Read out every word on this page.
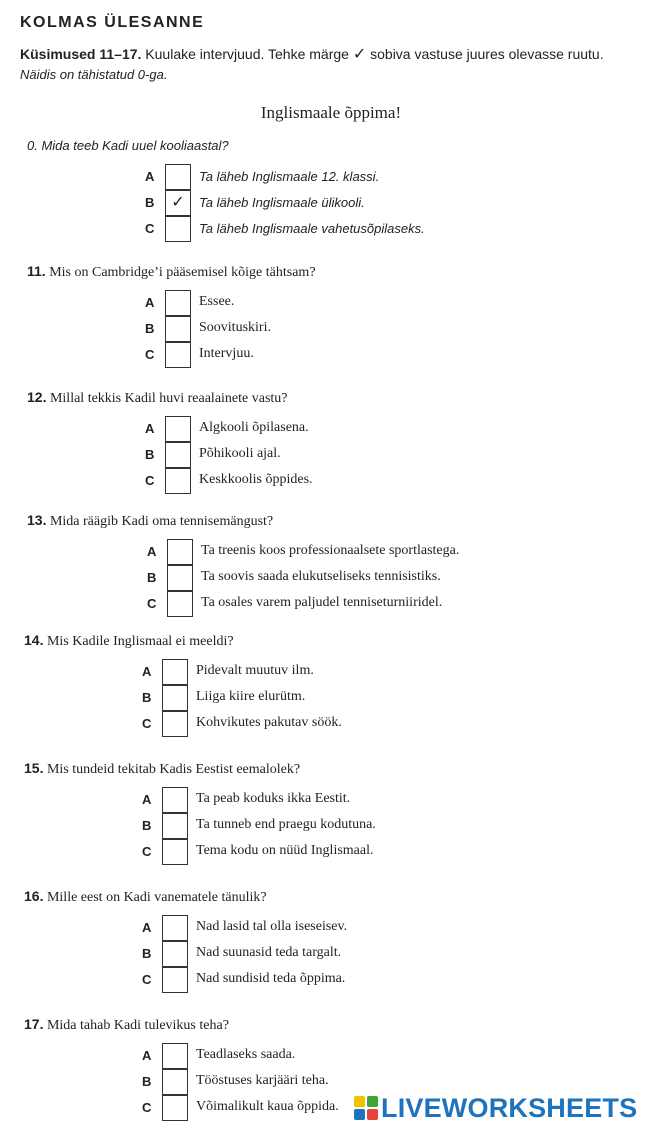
KOLMAS ÜLESANNE
Küsimused 11–17. Kuulake intervjuud. Tehke märge ✓ sobiva vastuse juures olevasse ruutu.
Näidis on tähistatud 0-ga.
Inglismaale õppima!
0. Mida teeb Kadi uuel kooliaastal?
A	Ta läheb Inglismaale 12. klassi.
B	✓	Ta läheb Inglismaale ülikooli.
C	Ta läheb Inglismaale vahetusõpilaseks.
11. Mis on Cambridge’i pääsemisel kõige tähtsam?
A	Essee.
B	Soovituskiri.
C	Intervjuu.
12. Millal tekkis Kadil huvi reaalainete vastu?
A	Algkooli õpilasena.
B	Põhikooli ajal.
C	Keskkoolis õppides.
13. Mida räägib Kadi oma tennisemängust?
A	Ta treenis koos professionaalsete sportlastega.
B	Ta soovis saada elukutseliseks tennisistiks.
C	Ta osales varem paljudel tenniseturniiridel.
14. Mis Kadile Inglismaal ei meeldi?
A	Pidevalt muutuv ilm.
B	Liiga kiire elurütm.
C	Kohvikutes pakutav söök.
15. Mis tundeid tekitab Kadis Eestist eemalolek?
A	Ta peab koduks ikka Eestit.
B	Ta tunneb end praegu kodutuna.
C	Tema kodu on nüüd Inglismaal.
16. Mille eest on Kadi vanematele tänulik?
A	Nad lasid tal olla iseseisev.
B	Nad suunasid teda targalt.
C	Nad sundisid teda õppima.
17. Mida tahab Kadi tulevikus teha?
A	Teadlaseks saada.
B	Tööstuses karjääri teha.
C	Võimalikult kaua õppida. LIVEWORKSHEETS
